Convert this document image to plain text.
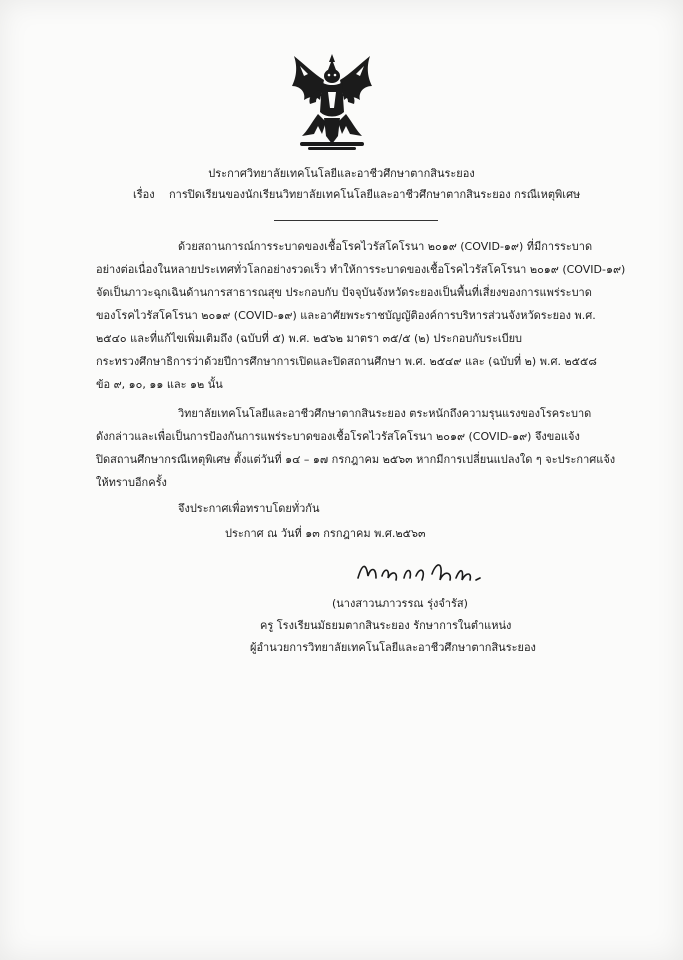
ประกาศวิทยาลัยเทคโนโลยีและอาชีวศึกษาตากสินระยอง
เรื่อง การปิดเรียนของนักเรียนวิทยาลัยเทคโนโลยีและอาชีวศึกษาตากสินระยอง กรณีเหตุพิเศษ
ด้วยสถานการณ์การระบาดของเชื้อโรคไวรัสโคโรนา ๒๐๑๙ (COVID-๑๙) ที่มีการระบาด
อย่างต่อเนื่องในหลายประเทศทั่วโลกอย่างรวดเร็ว ทำให้การระบาดของเชื้อโรคไวรัสโคโรนา ๒๐๑๙ (COVID-๑๙)
จัดเป็นภาวะฉุกเฉินด้านการสาธารณสุข ประกอบกับ ปัจจุบันจังหวัดระยองเป็นพื้นที่เสี่ยงของการแพร่ระบาด
ของโรคไวรัสโคโรนา ๒๐๑๙ (COVID-๑๙) และอาศัยพระราชบัญญัติองค์การบริหารส่วนจังหวัดระยอง พ.ศ.
๒๕๔๐ และที่แก้ไขเพิ่มเติมถึง (ฉบับที่ ๕) พ.ศ. ๒๕๖๒ มาตรา ๓๕/๕ (๒) ประกอบกับระเบียบ
กระทรวงศึกษาธิการว่าด้วยปีการศึกษาการเปิดและปิดสถานศึกษา พ.ศ. ๒๕๔๙ และ (ฉบับที่ ๒) พ.ศ. ๒๕๕๘
ข้อ ๙, ๑๐, ๑๑ และ ๑๒ นั้น
วิทยาลัยเทคโนโลยีและอาชีวศึกษาตากสินระยอง ตระหนักถึงความรุนแรงของโรคระบาด
ดังกล่าวและเพื่อเป็นการป้องกันการแพร่ระบาดของเชื้อโรคไวรัสโคโรนา ๒๐๑๙ (COVID-๑๙) จึงขอแจ้ง
ปิดสถานศึกษากรณีเหตุพิเศษ ตั้งแต่วันที่ ๑๔ – ๑๗ กรกฎาคม ๒๕๖๓ หากมีการเปลี่ยนแปลงใด ๆ จะประกาศแจ้ง
ให้ทราบอีกครั้ง
จึงประกาศเพื่อทราบโดยทั่วกัน
ประกาศ ณ วันที่ ๑๓ กรกฎาคม พ.ศ.๒๕๖๓
(นางสาวนภาวรรณ รุ่งจำรัส)
ครู โรงเรียนมัธยมตากสินระยอง รักษาการในตำแหน่ง
ผู้อำนวยการวิทยาลัยเทคโนโลยีและอาชีวศึกษาตากสินระยอง
